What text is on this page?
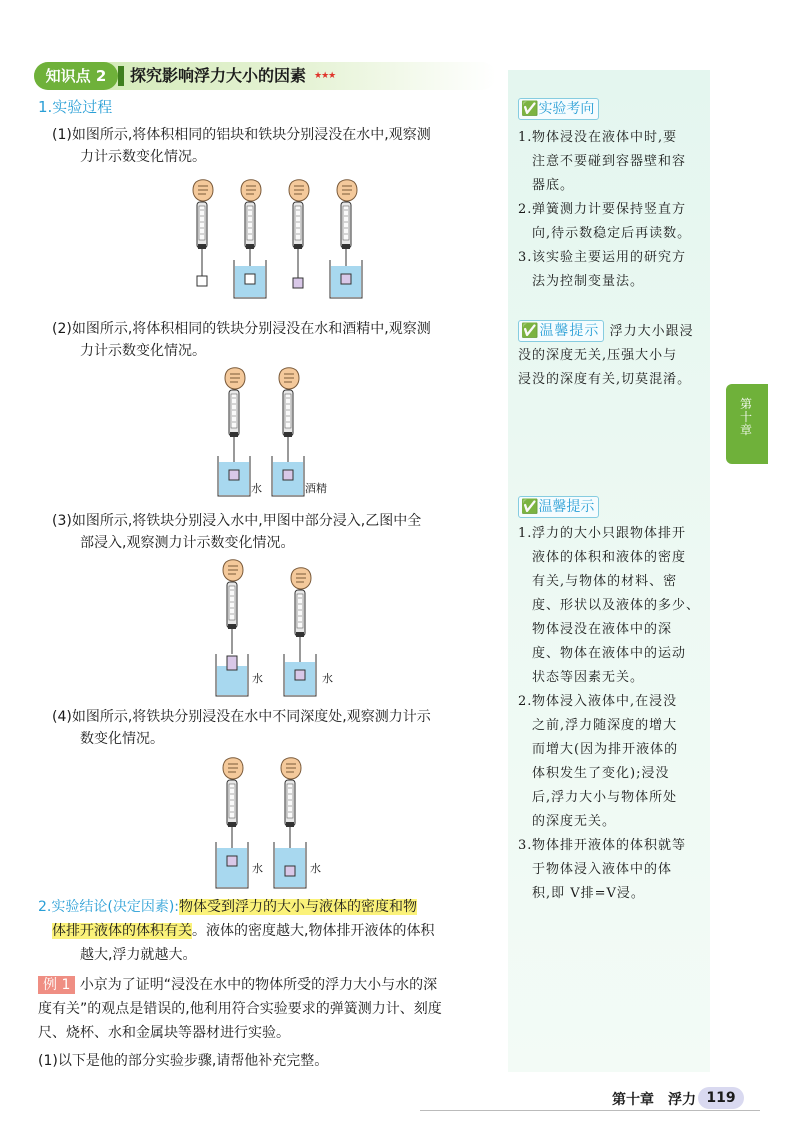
知识点 2	探究影响浮力大小的因素 ★★★
1.实验过程
(1)如图所示,将体积相同的铝块和铁块分别浸没在水中,观察测
力计示数变化情况。
(2)如图所示,将体积相同的铁块分别浸没在水和酒精中,观察测
力计示数变化情况。
水	酒精
(3)如图所示,将铁块分别浸入水中,甲图中部分浸入,乙图中全
部浸入,观察测力计示数变化情况。
水	水
(4)如图所示,将铁块分别浸没在水中不同深度处,观察测力计示
数变化情况。
水	水
2.实验结论(决定因素):物体受到浮力的大小与液体的密度和物
体排开液体的体积有关。液体的密度越大,物体排开液体的体积
越大,浮力就越大。
例 1 小京为了证明“浸没在水中的物体所受的浮力大小与水的深
度有关”的观点是错误的,他利用符合实验要求的弹簧测力计、刻度
尺、烧杯、水和金属块等器材进行实验。
(1)以下是他的部分实验步骤,请帮他补充完整。
✅实验考向
1. 物体浸没在液体中时,要
注意不要碰到容器壁和容
器底。
2. 弹簧测力计要保持竖直方
向,待示数稳定后再读数。
3. 该实验主要运用的研究方
法为控制变量法。
✅温馨提示 浮力大小跟浸
没的深度无关,压强大小与
浸没的深度有关,切莫混淆。
✅温馨提示
1. 浮力的大小只跟物体排开
液体的体积和液体的密度
有关,与物体的材料、密
度、形状以及液体的多少、
物体浸没在液体中的深
度、物体在液体中的运动
状态等因素无关。
2. 物体浸入液体中,在浸没
之前,浮力随深度的增大
而增大(因为排开液体的
体积发生了变化);浸没
后,浮力大小与物体所处
的深度无关。
3. 物体排开液体的体积就等
于物体浸入液体中的体
积,即 V排=V浸。
第十章
第十章　浮力 119
